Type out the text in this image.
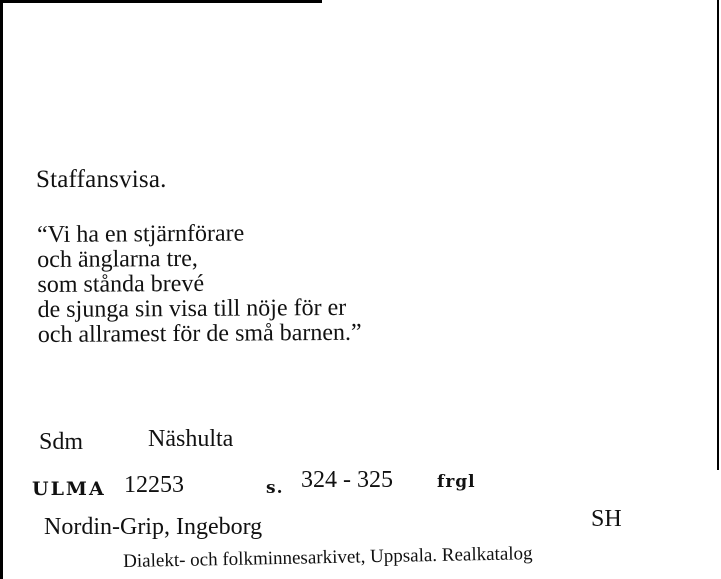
Staffansvisa.
“Vi ha en stjärnförare
och änglarna tre,
som stånda brevé
de sjunga sin visa till nöje för er
och allramest för de små barnen.”
Sdm	Näshulta
ULMA 12253	s. 324 - 325	frgl
Nordin-Grip, Ingeborg	SH
Dialekt- och folkminnesarkivet, Uppsala. Realkatalog
